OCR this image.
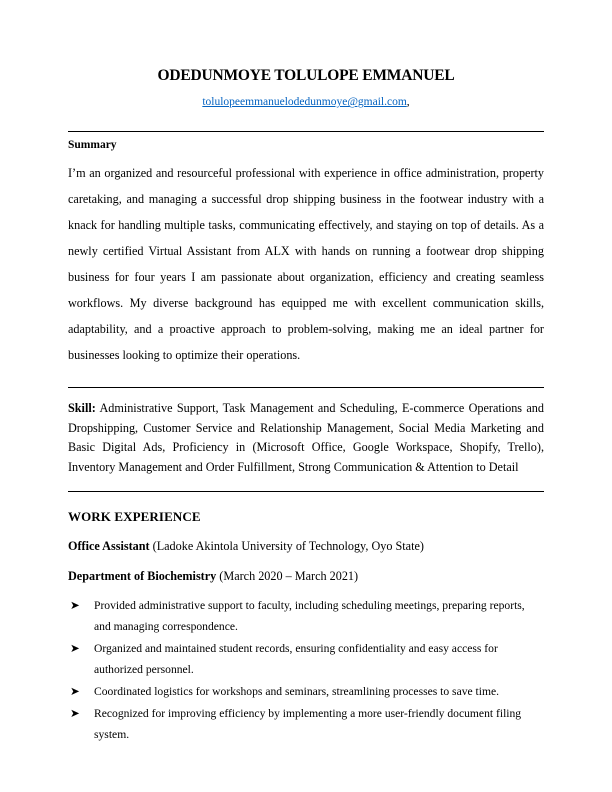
ODEDUNMOYE TOLULOPE EMMANUEL
tolulopeemmanuelodedunmoye@gmail.com,
Summary

I’m an organized and resourceful professional with experience in office administration, property caretaking, and managing a successful drop shipping business in the footwear industry with a knack for handling multiple tasks, communicating effectively, and staying on top of details. As a newly certified Virtual Assistant from ALX with hands on running a footwear drop shipping business for four years I am passionate about organization, efficiency and creating seamless workflows. My diverse background has equipped me with excellent communication skills, adaptability, and a proactive approach to problem-solving, making me an ideal partner for businesses looking to optimize their operations.

Skill: Administrative Support, Task Management and Scheduling, E-commerce Operations and Dropshipping, Customer Service and Relationship Management, Social Media Marketing and Basic Digital Ads, Proficiency in (Microsoft Office, Google Workspace, Shopify, Trello), Inventory Management and Order Fulfillment, Strong Communication & Attention to Detail

WORK EXPERIENCE
Office Assistant (Ladoke Akintola University of Technology, Oyo State)
Department of Biochemistry (March 2020 – March 2021)
➤ Provided administrative support to faculty, including scheduling meetings, preparing reports, and managing correspondence.
➤ Organized and maintained student records, ensuring confidentiality and easy access for authorized personnel.
➤ Coordinated logistics for workshops and seminars, streamlining processes to save time.
➤ Recognized for improving efficiency by implementing a more user-friendly document filing system.
